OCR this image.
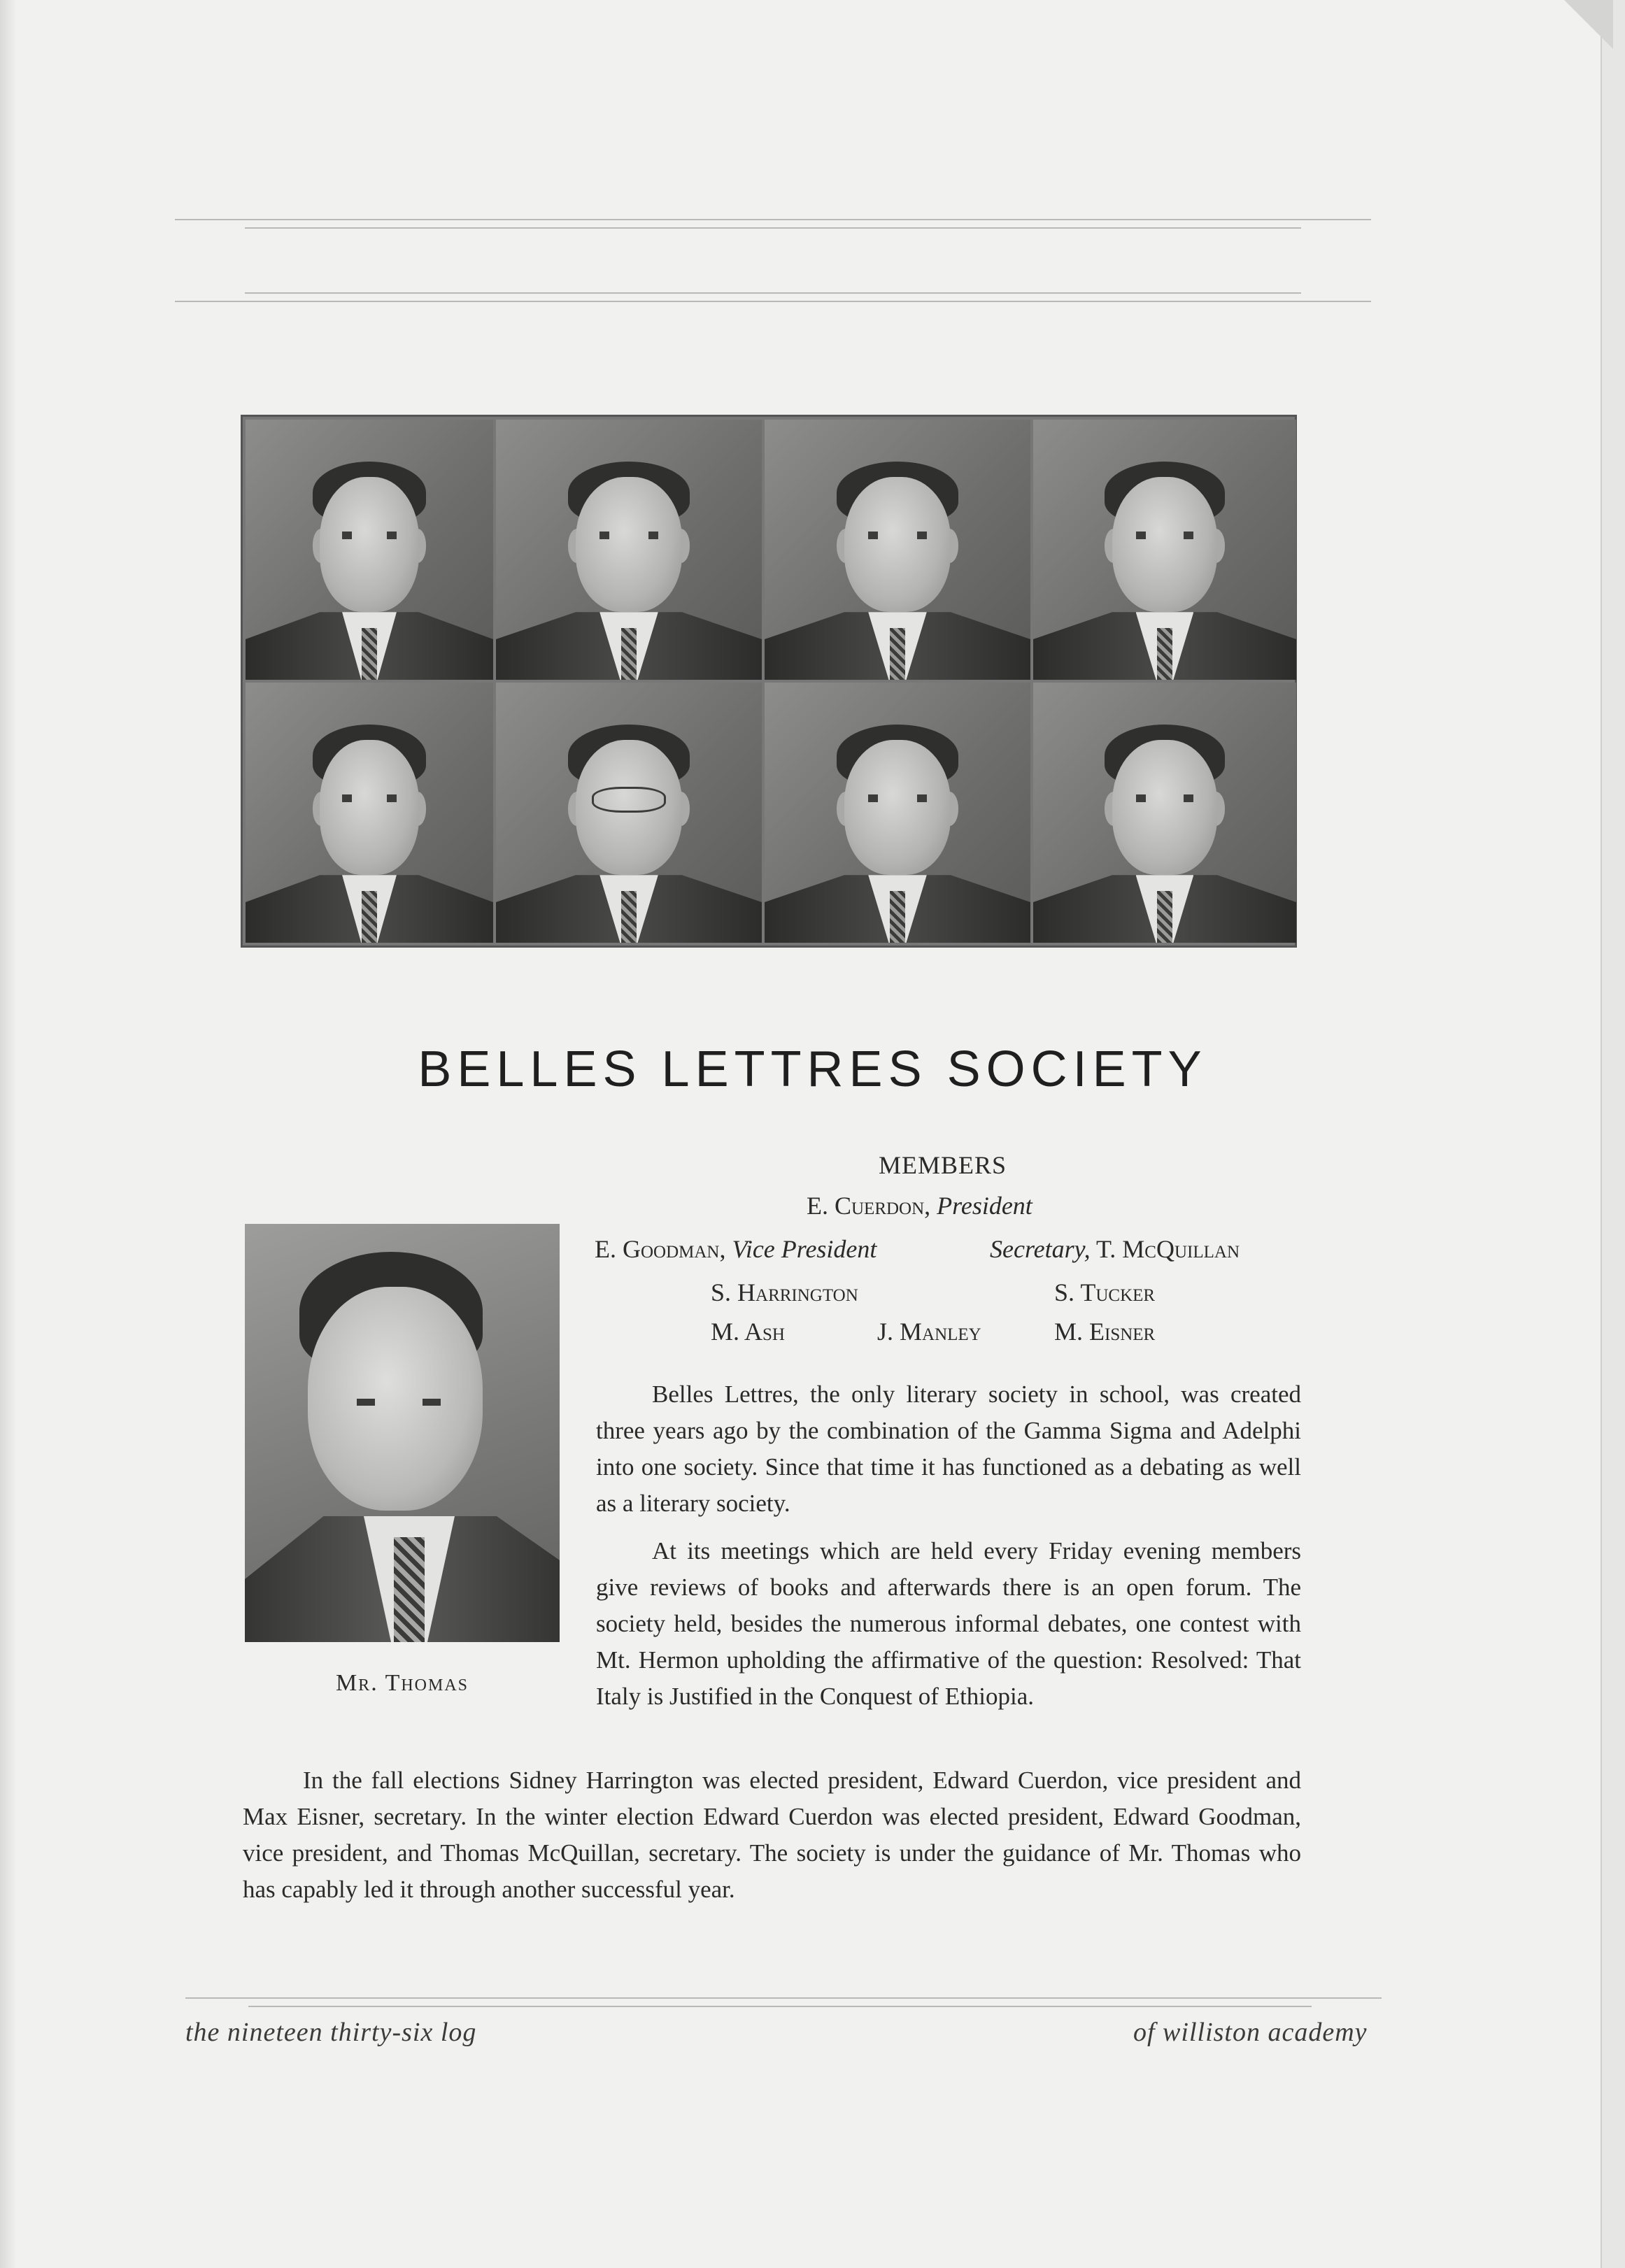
BELLES LETTRES SOCIETY
MEMBERS
E. Cuerdon, President
E. Goodman, Vice President	Secretary, T. McQuillan
S. Harrington	S. Tucker
M. Ash	J. Manley	M. Eisner
Mr. Thomas

Belles Lettres, the only literary society in school, was created three years ago by the combination of the Gamma Sigma and Adelphi into one society. Since that time it has functioned as a debating as well as a literary society.

At its meetings which are held every Friday evening members give reviews of books and afterwards there is an open forum. The society held, besides the numerous informal debates, one contest with Mt. Hermon upholding the affirmative of the question: Resolved: That Italy is Justified in the Conquest of Ethiopia.

In the fall elections Sidney Harrington was elected president, Edward Cuerdon, vice president and Max Eisner, secretary. In the winter election Edward Cuerdon was elected president, Edward Goodman, vice president, and Thomas McQuillan, secretary. The society is under the guidance of Mr. Thomas who has capably led it through another successful year.

the nineteen thirty-six log	of williston academy
